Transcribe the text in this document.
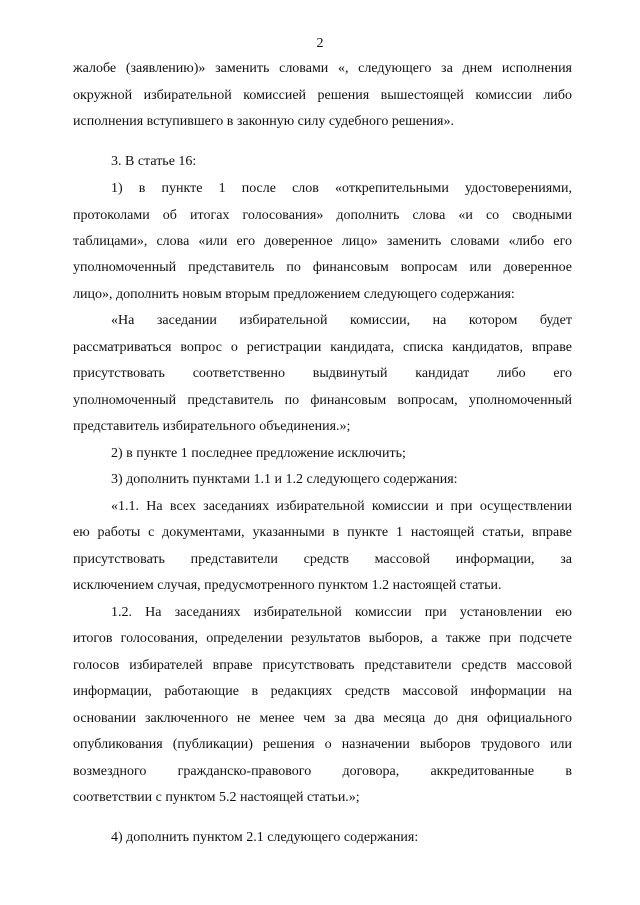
2
жалобе (заявлению)» заменить словами «, следующего за днем исполнения
окружной избирательной комиссией решения вышестоящей комиссии либо
исполнения вступившего в законную силу судебного решения».
3. В статье 16:
1) в пункте 1 после слов «открепительными удостоверениями,
протоколами об итогах голосования» дополнить слова «и со сводными
таблицами», слова «или его доверенное лицо» заменить словами «либо его
уполномоченный представитель по финансовым вопросам или доверенное
лицо», дополнить новым вторым предложением следующего содержания:
«На заседании избирательной комиссии, на котором будет
рассматриваться вопрос о регистрации кандидата, списка кандидатов, вправе
присутствовать соответственно выдвинутый кандидат либо его
уполномоченный представитель по финансовым вопросам, уполномоченный
представитель избирательного объединения.»;
2) в пункте 1 последнее предложение исключить;
3) дополнить пунктами 1.1 и 1.2 следующего содержания:
«1.1. На всех заседаниях избирательной комиссии и при осуществлении
ею работы с документами, указанными в пункте 1 настоящей статьи, вправе
присутствовать представители средств массовой информации, за
исключением случая, предусмотренного пунктом 1.2 настоящей статьи.
1.2. На заседаниях избирательной комиссии при установлении ею
итогов голосования, определении результатов выборов, а также при подсчете
голосов избирателей вправе присутствовать представители средств массовой
информации, работающие в редакциях средств массовой информации на
основании заключенного не менее чем за два месяца до дня официального
опубликования (публикации) решения о назначении выборов трудового или
возмездного гражданско-правового договора, аккредитованные в
соответствии с пунктом 5.2 настоящей статьи.»;
4) дополнить пунктом 2.1 следующего содержания:
